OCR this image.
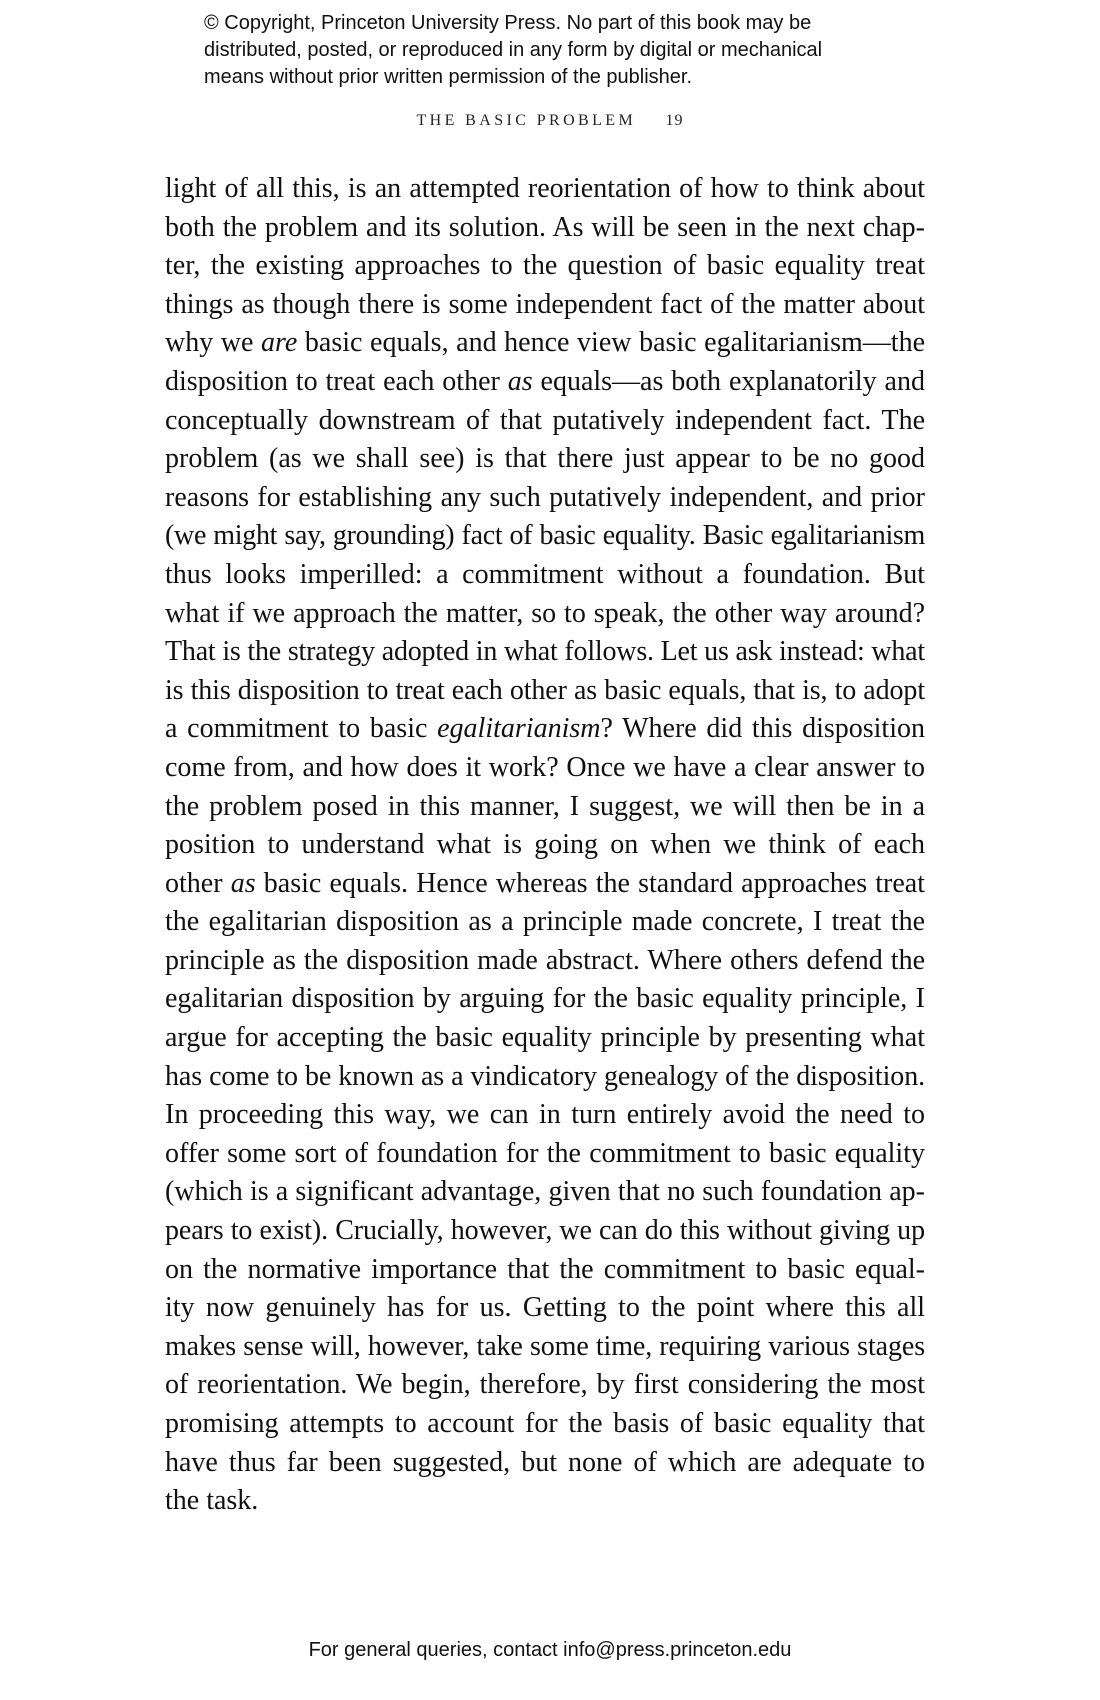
© Copyright, Princeton University Press. No part of this book may be
distributed, posted, or reproduced in any form by digital or mechanical
means without prior written permission of the publisher.
THE BASIC PROBLEM 19
light of all this, is an attempted reorientation of how to think about
both the problem and its solution. As will be seen in the next chap-
ter, the existing approaches to the question of basic equality treat
things as though there is some independent fact of the matter about
why we are basic equals, and hence view basic egalitarianism—the
disposition to treat each other as equals—as both explanatorily and
conceptually downstream of that putatively independent fact. The
problem (as we shall see) is that there just appear to be no good
reasons for establishing any such putatively independent, and prior
(we might say, grounding) fact of basic equality. Basic egalitarianism
thus looks imperilled: a commitment without a foundation. But
what if we approach the matter, so to speak, the other way around?
That is the strategy adopted in what follows. Let us ask instead: what
is this disposition to treat each other as basic equals, that is, to adopt
a commitment to basic egalitarianism? Where did this disposition
come from, and how does it work? Once we have a clear answer to
the problem posed in this manner, I suggest, we will then be in a
position to understand what is going on when we think of each
other as basic equals. Hence whereas the standard approaches treat
the egalitarian disposition as a principle made concrete, I treat the
principle as the disposition made abstract. Where others defend the
egalitarian disposition by arguing for the basic equality principle, I
argue for accepting the basic equality principle by presenting what
has come to be known as a vindicatory genealogy of the disposition.
In proceeding this way, we can in turn entirely avoid the need to
offer some sort of foundation for the commitment to basic equality
(which is a significant advantage, given that no such foundation ap-
pears to exist). Crucially, however, we can do this without giving up
on the normative importance that the commitment to basic equal-
ity now genuinely has for us. Getting to the point where this all
makes sense will, however, take some time, requiring various stages
of reorientation. We begin, therefore, by first considering the most
promising attempts to account for the basis of basic equality that
have thus far been suggested, but none of which are adequate to
the task.
For general queries, contact info@press.princeton.edu
